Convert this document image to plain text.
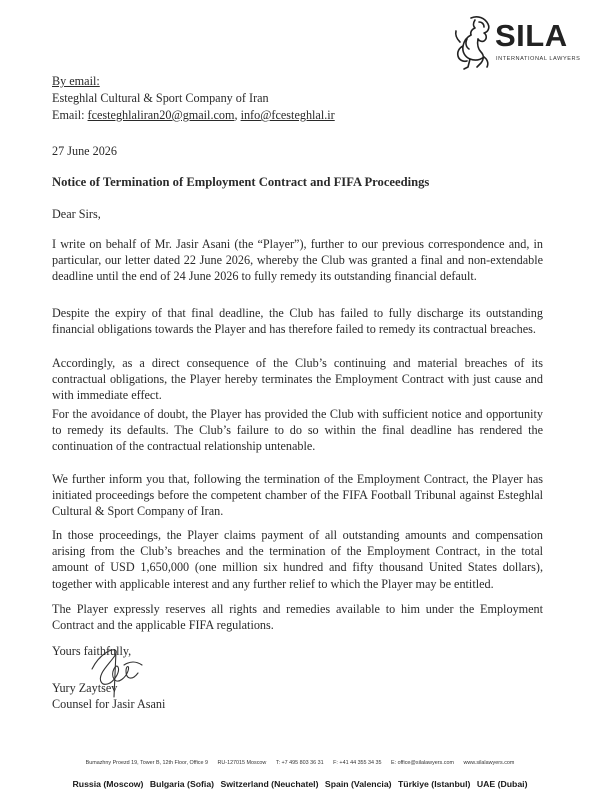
SILA
INTERNATIONAL LAWYERS
By email:
Esteghlal Cultural & Sport Company of Iran
Email: fcesteghlaliran20@gmail.com, info@fcesteghlal.ir
27 June 2026
Notice of Termination of Employment Contract and FIFA Proceedings
Dear Sirs,

I write on behalf of Mr. Jasir Asani (the “Player”), further to our previous correspondence and, in particular, our letter dated 22 June 2026, whereby the Club was granted a final and non-extendable deadline until the end of 24 June 2026 to fully remedy its outstanding financial default.

Despite the expiry of that final deadline, the Club has failed to fully discharge its outstanding financial obligations towards the Player and has therefore failed to remedy its contractual breaches.

Accordingly, as a direct consequence of the Club’s continuing and material breaches of its contractual obligations, the Player hereby terminates the Employment Contract with just cause and with immediate effect.

For the avoidance of doubt, the Player has provided the Club with sufficient notice and opportunity to remedy its defaults. The Club’s failure to do so within the final deadline has rendered the continuation of the contractual relationship untenable.

We further inform you that, following the termination of the Employment Contract, the Player has initiated proceedings before the competent chamber of the FIFA Football Tribunal against Esteghlal Cultural & Sport Company of Iran.

In those proceedings, the Player claims payment of all outstanding amounts and compensation arising from the Club’s breaches and the termination of the Employment Contract, in the total amount of USD 1,650,000 (one million six hundred and fifty thousand United States dollars), together with applicable interest and any further relief to which the Player may be entitled.

The Player expressly reserves all rights and remedies available to him under the Employment Contract and the applicable FIFA regulations.

Yours faithfully,
Yury Zaytsev
Counsel for Jasir Asani
Bumazhny Proezd 19, Tower B, 12th Floor, Office 9 RU-127015 Moscow T: +7 495 803 36 31 F: +41 44 355 34 35 E: office@silalawyers.com www.silalawyers.com
Russia (Moscow) Bulgaria (Sofia) Switzerland (Neuchatel) Spain (Valencia) Türkiye (Istanbul) UAE (Dubai)
